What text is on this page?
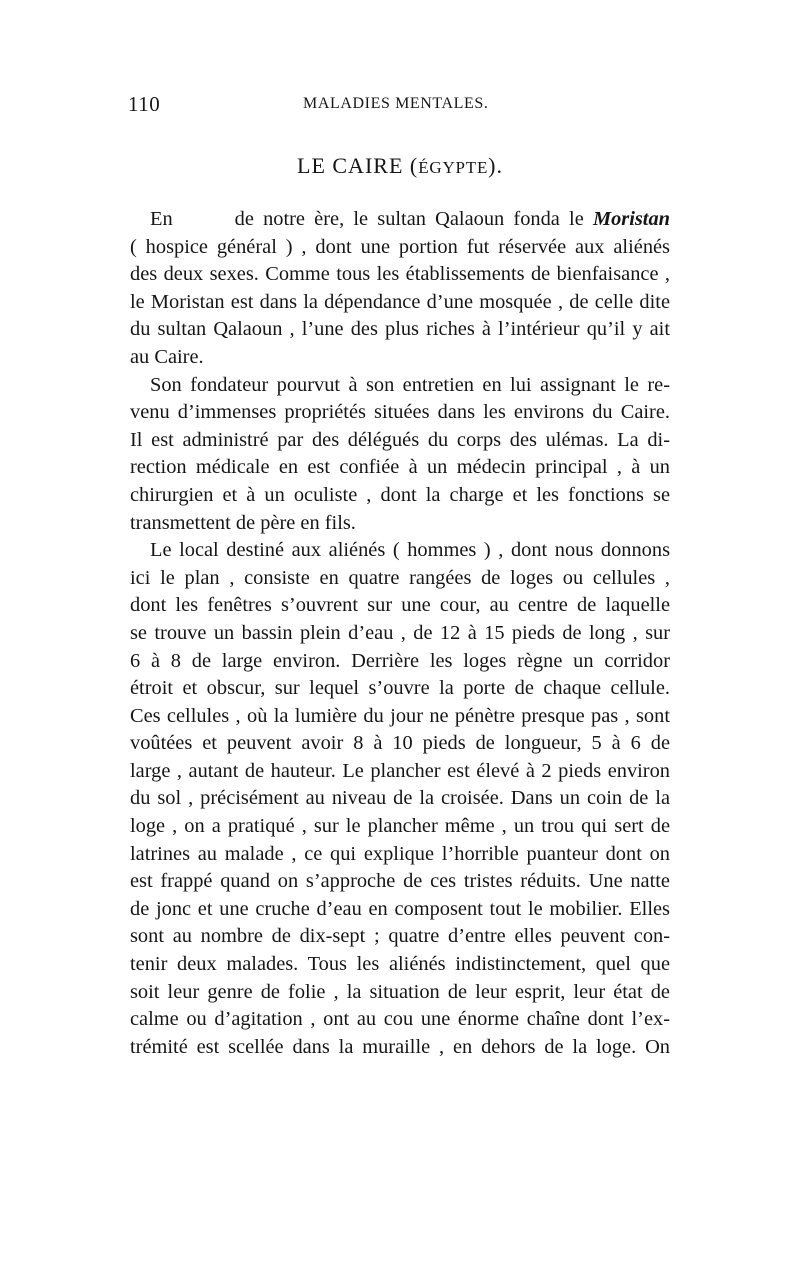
110	MALADIES MENTALES.
LE CAIRE (ÉGYPTE).

En	de notre ère, le sultan Qalaoun fonda le Moristan
( hospice général ) , dont une portion fut réservée aux aliénés
des deux sexes. Comme tous les établissements de bienfaisance ,
le Moristan est dans la dépendance d’une mosquée , de celle dite
du sultan Qalaoun , l’une des plus riches à l’intérieur qu’il y ait
au Caire.

Son fondateur pourvut à son entretien en lui assignant le re-
venu d’immenses propriétés situées dans les environs du Caire.
Il est administré par des délégués du corps des ulémas. La di-
rection médicale en est confiée à un médecin principal , à un
chirurgien et à un oculiste , dont la charge et les fonctions se
transmettent de père en fils.

Le local destiné aux aliénés ( hommes ) , dont nous donnons
ici le plan , consiste en quatre rangées de loges ou cellules ,
dont les fenêtres s’ouvrent sur une cour, au centre de laquelle
se trouve un bassin plein d’eau , de 12 à 15 pieds de long , sur
6 à 8 de large environ. Derrière les loges règne un corridor
étroit et obscur, sur lequel s’ouvre la porte de chaque cellule.
Ces cellules , où la lumière du jour ne pénètre presque pas , sont
voûtées et peuvent avoir 8 à 10 pieds de longueur, 5 à 6 de
large , autant de hauteur. Le plancher est élevé à 2 pieds environ
du sol , précisément au niveau de la croisée. Dans un coin de la
loge , on a pratiqué , sur le plancher même , un trou qui sert de
latrines au malade , ce qui explique l’horrible puanteur dont on
est frappé quand on s’approche de ces tristes réduits. Une natte
de jonc et une cruche d’eau en composent tout le mobilier. Elles
sont au nombre de dix-sept ; quatre d’entre elles peuvent con-
tenir deux malades. Tous les aliénés indistinctement, quel que
soit leur genre de folie , la situation de leur esprit, leur état de
calme ou d’agitation , ont au cou une énorme chaîne dont l’ex-
trémité est scellée dans la muraille , en dehors de la loge. On
